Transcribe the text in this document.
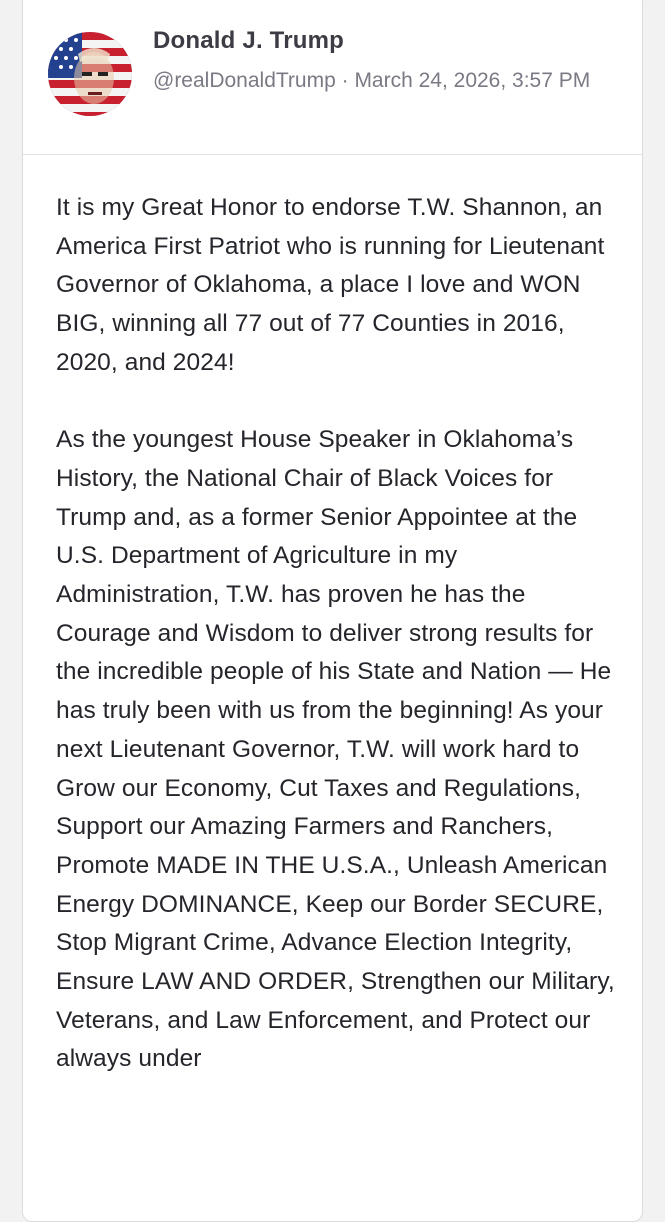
Donald J. Trump
@realDonaldTrump · March 24, 2026, 3:57 PM

It is my Great Honor to endorse T.W. Shannon, an America First Patriot who is running for Lieutenant Governor of Oklahoma, a place I love and WON BIG, winning all 77 out of 77 Counties in 2016, 2020, and 2024!

As the youngest House Speaker in Oklahoma’s History, the National Chair of Black Voices for Trump and, as a former Senior Appointee at the U.S. Department of Agriculture in my Administration, T.W. has proven he has the Courage and Wisdom to deliver strong results for the incredible people of his State and Nation — He has truly been with us from the beginning! As your next Lieutenant Governor, T.W. will work hard to Grow our Economy, Cut Taxes and Regulations, Support our Amazing Farmers and Ranchers, Promote MADE IN THE U.S.A., Unleash American Energy DOMINANCE, Keep our Border SECURE, Stop Migrant Crime, Advance Election Integrity, Ensure LAW AND ORDER, Strengthen our Military, Veterans, and Law Enforcement, and Protect our always under
